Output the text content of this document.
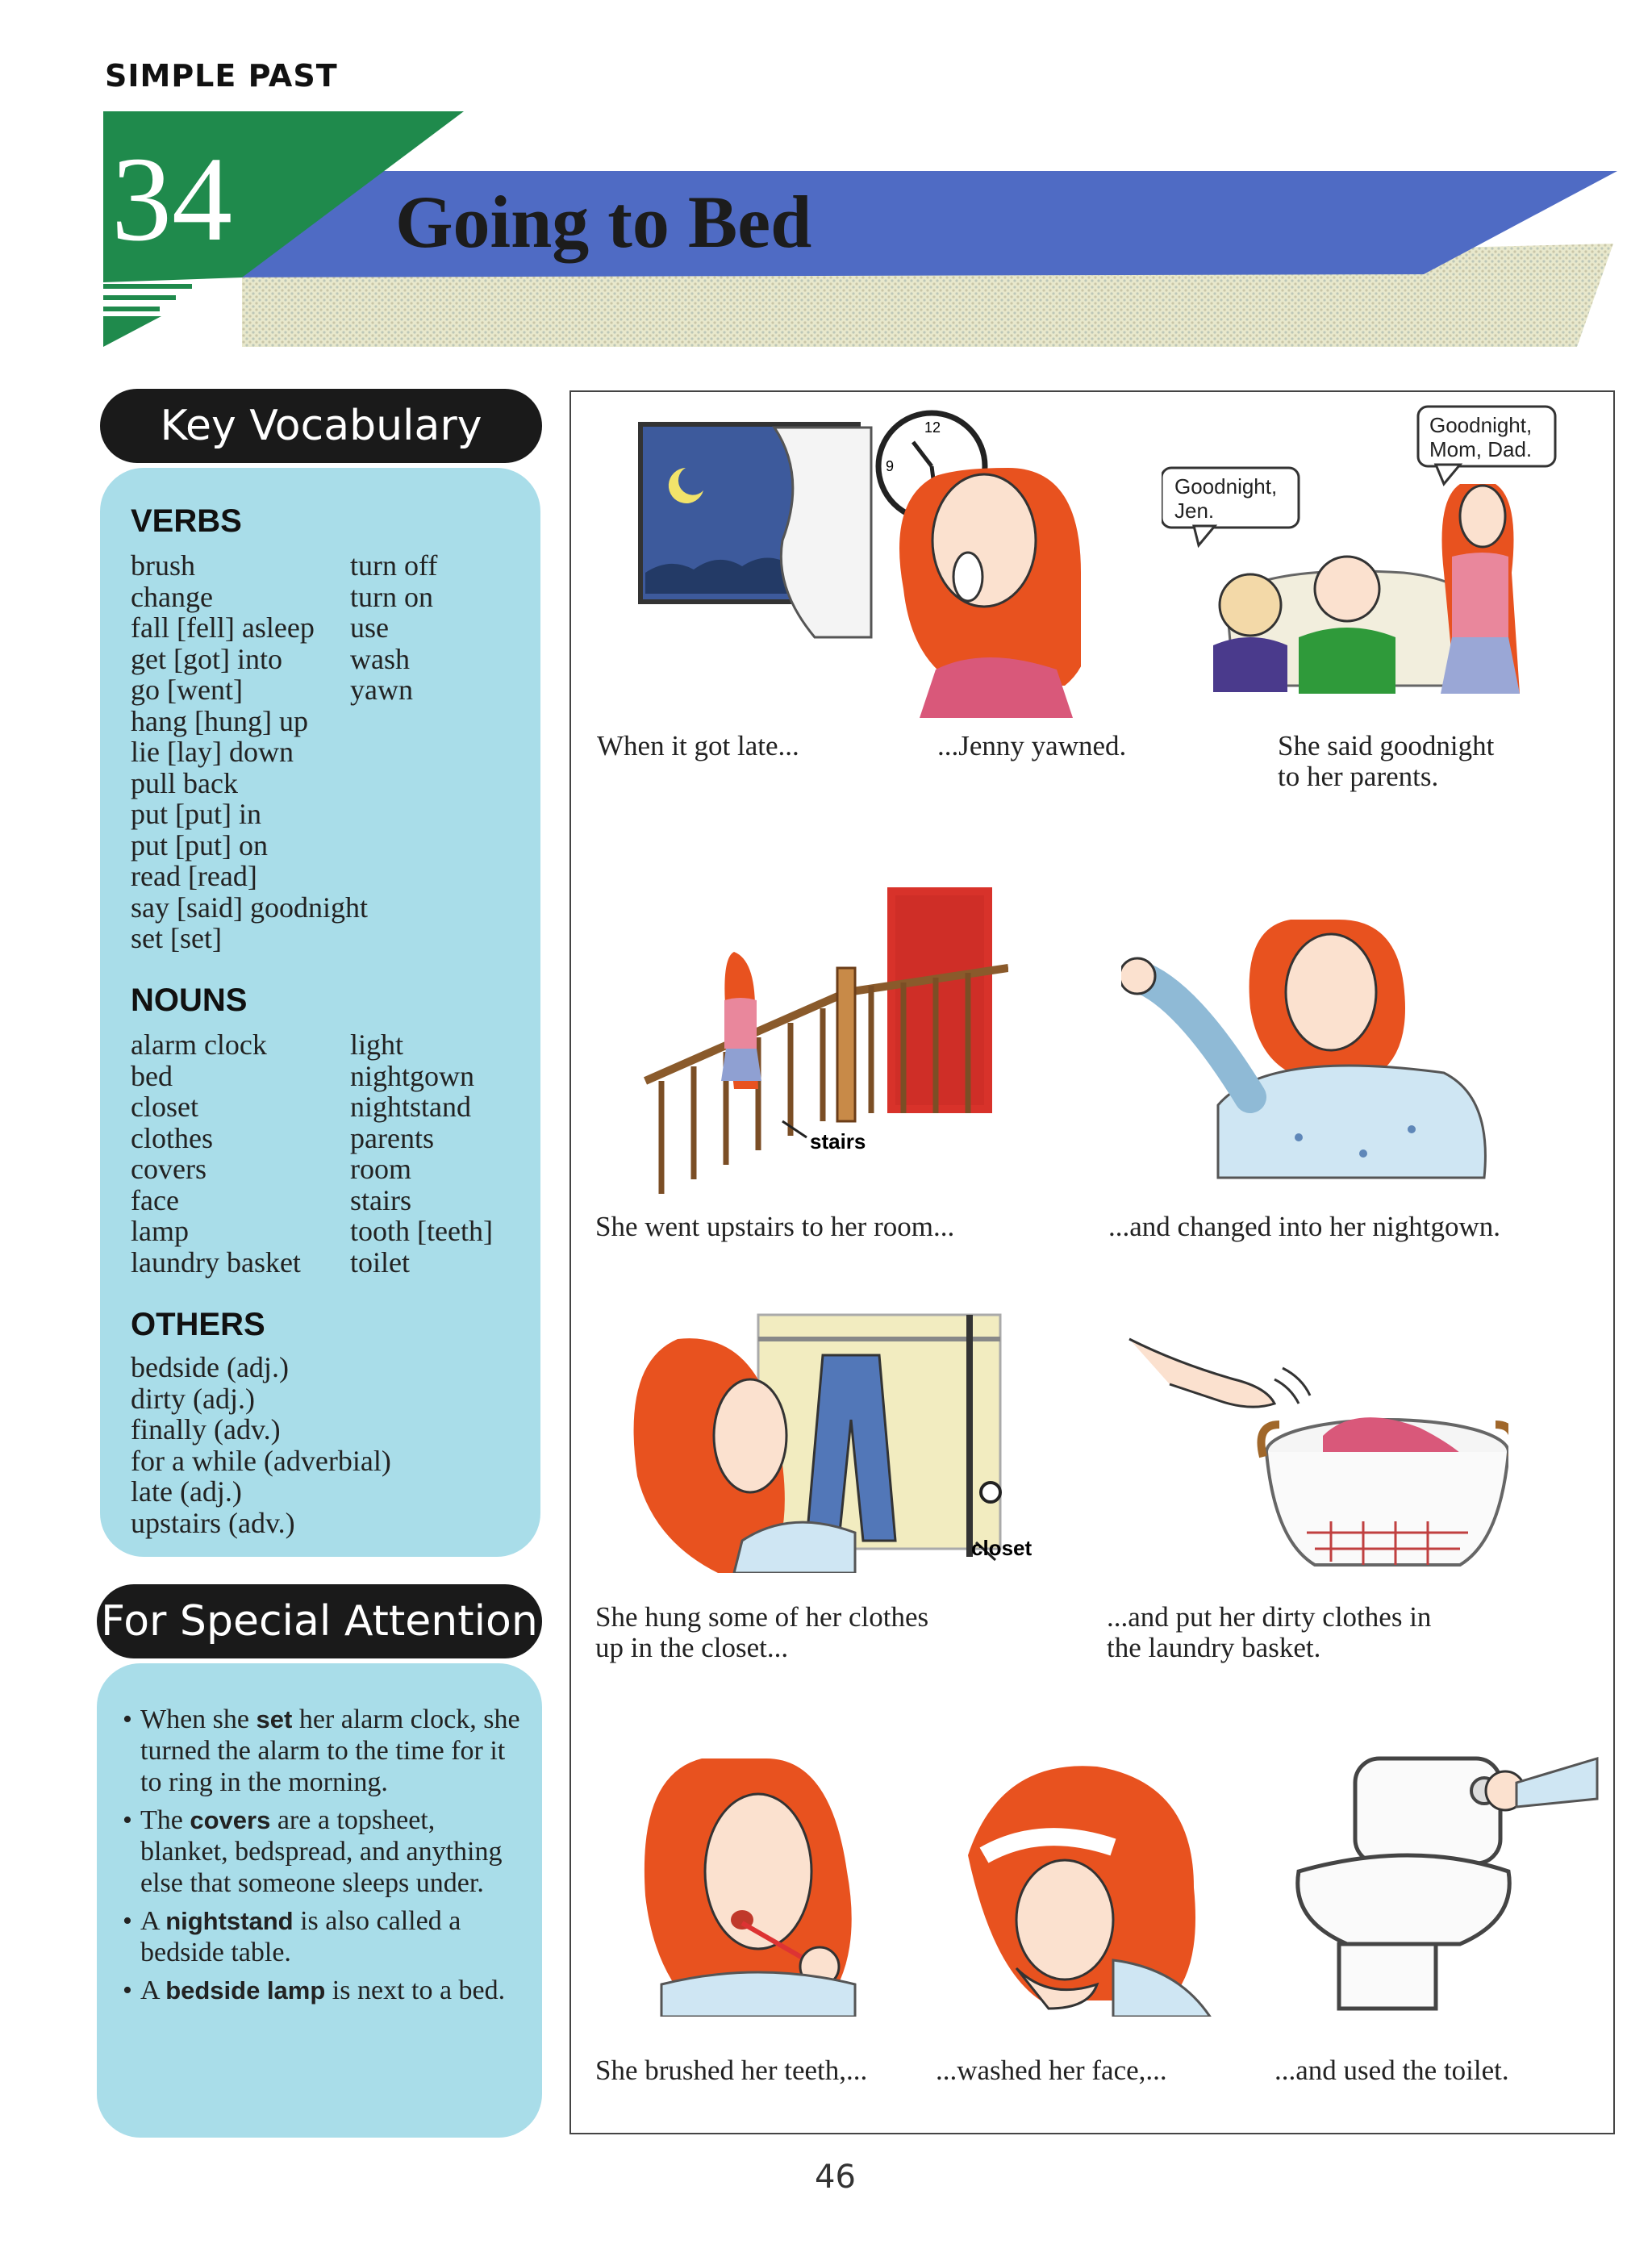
SIMPLE PAST
34 Going to Bed
Key Vocabulary
VERBS
brush
change
fall [fell] asleep
get [got] into
go [went]
hang [hung] up
lie [lay] down
pull back
put [put] in
put [put] on
read [read]
say [said] goodnight
set [set]
turn off
turn on
use
wash
yawn
NOUNS
alarm clock
bed
closet
clothes
covers
face
lamp
laundry basket
light
nightgown
nightstand
parents
room
stairs
tooth [teeth]
toilet
OTHERS
bedside (adj.)
dirty (adj.)
finally (adv.)
for a while (adverbial)
late (adj.)
upstairs (adv.)
For Special Attention
• When she set her alarm clock, she turned the alarm to the time for it to ring in the morning.
• The covers are a topsheet, blanket, bedspread, and anything else that someone sleeps under.
• A nightstand is also called a bedside table.
• A bedside lamp is next to a bed.
12
9
Goodnight,
Jen.
Goodnight,
Mom, Dad.
When it got late...	...Jenny yawned.	She said goodnight
to her parents.
stairs
She went upstairs to her room...	...and changed into her nightgown.
closet
She hung some of her clothes
up in the closet...
...and put her dirty clothes in
the laundry basket.
She brushed her teeth,... ...washed her face,...	...and used the toilet.
46
